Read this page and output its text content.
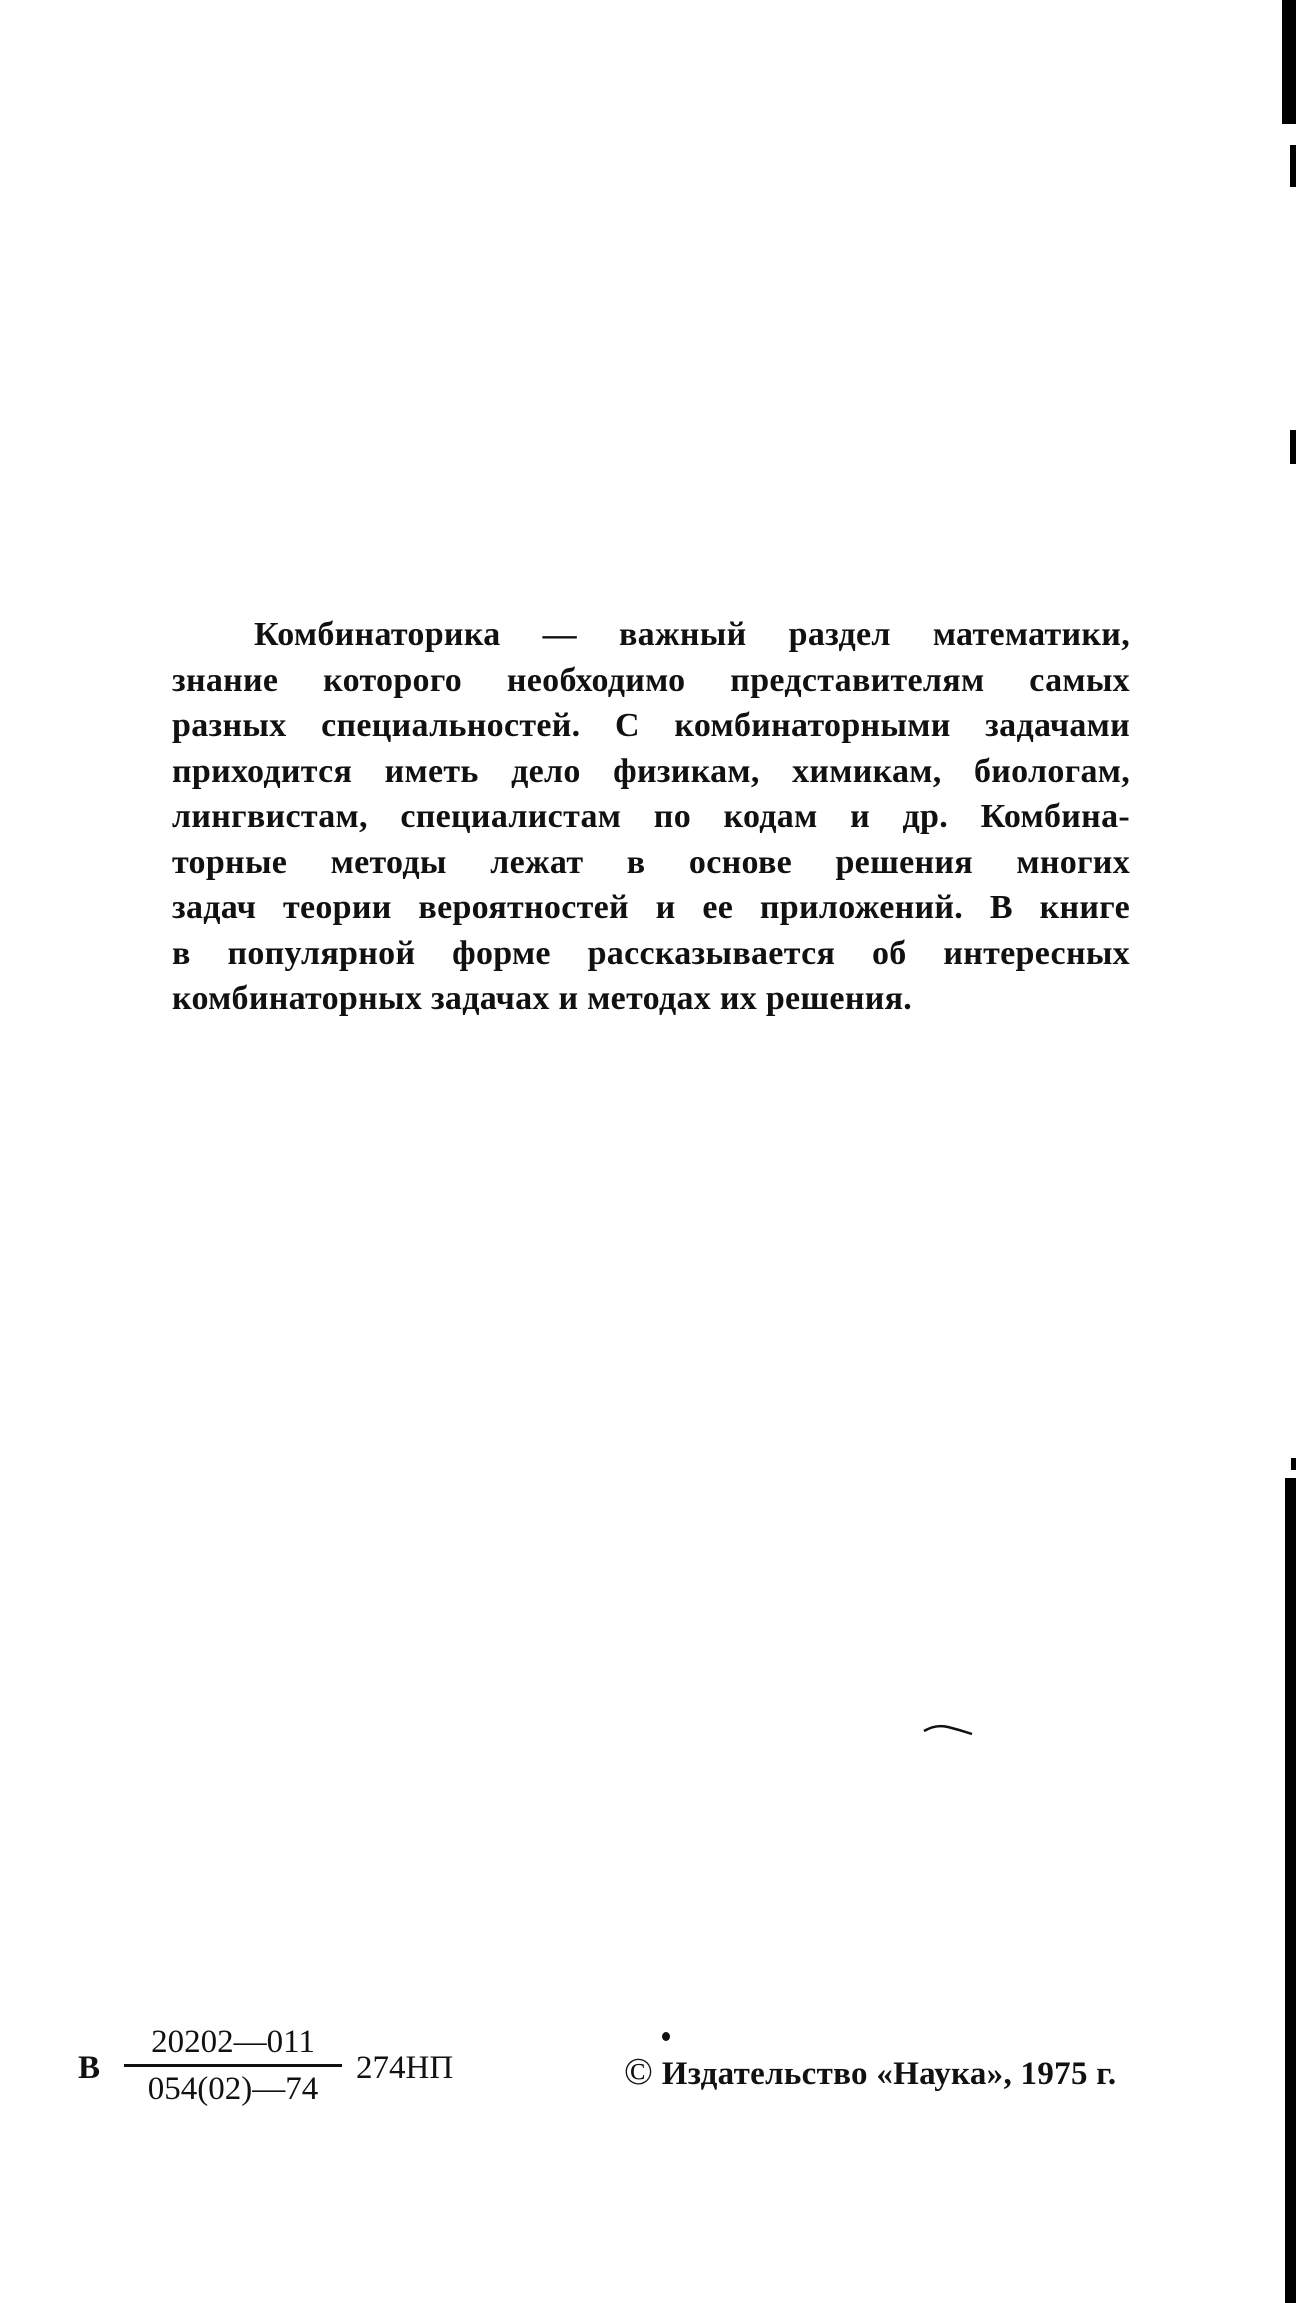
Комбинаторика — важный раздел математики,
знание которого необходимо представителям самых
разных специальностей. С комбинаторными задачами
приходится иметь дело физикам, химикам, биологам,
лингвистам, специалистам по кодам и др. Комбина-
торные методы лежат в основе решения многих
задач теории вероятностей и ее приложений. В книге
в популярной форме рассказывается об интересных
комбинаторных задачах и методах их решения.

В
20202—011
054(02)—74
274НП	© Издательство «Наука», 1975 г.
